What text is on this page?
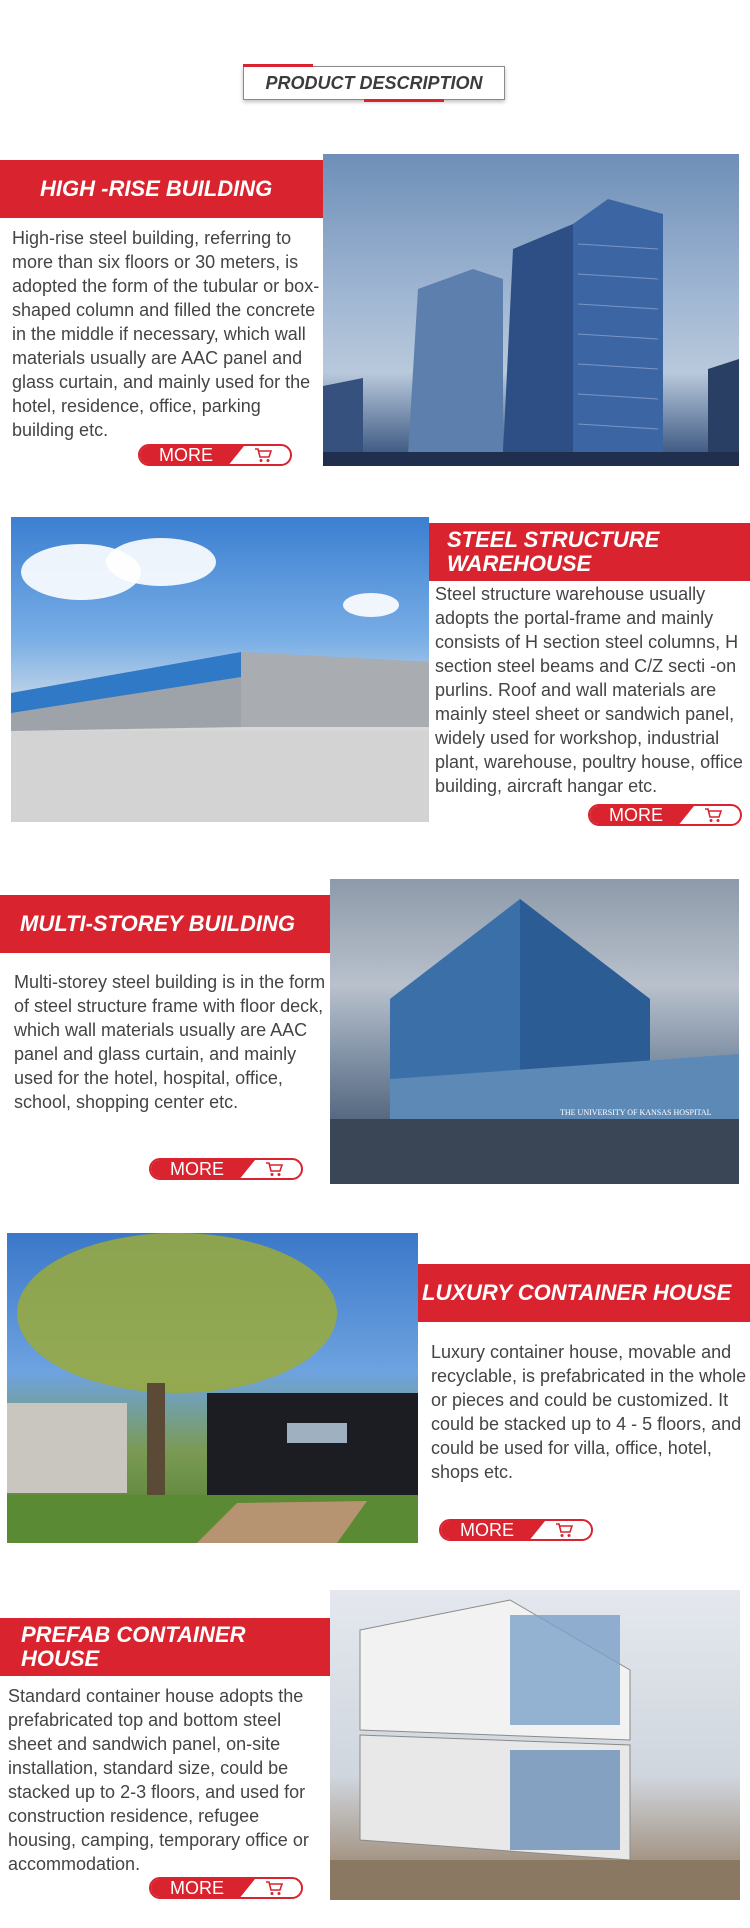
PRODUCT DESCRIPTION
HIGH -RISE BUILDING
High-rise steel building, referring to more than six floors or 30 meters, is adopted the form of the tubular or box-shaped column and filled the concrete in the middle if necessary, which wall materials usually are AAC panel and glass curtain, and mainly used for the hotel, residence, office, parking building etc.
MORE
STEEL STRUCTURE
WAREHOUSE
Steel structure warehouse usually adopts the portal-frame and mainly consists of H section steel columns, H section steel beams and C/Z secti -on purlins. Roof and wall materials are mainly steel sheet or sandwich panel, widely used for workshop, industrial plant, warehouse, poultry house, office building, aircraft hangar etc.
MORE
MULTI-STOREY BUILDING
Multi-storey steel building is in the form of steel structure frame with floor deck, which wall materials usually are AAC panel and glass curtain, and mainly used for the hotel, hospital, office, school, shopping center etc.
MORE
THE UNIVERSITY OF KANSAS HOSPITAL
LUXURY CONTAINER HOUSE
Luxury container house, movable and recyclable, is prefabricated in the whole or pieces and could be customized. It could be stacked up to 4 - 5 floors, and could be used for villa, office, hotel, shops etc.
MORE
PREFAB CONTAINER
HOUSE
Standard container house adopts the prefabricated top and bottom steel sheet and sandwich panel, on-site installation, standard size, could be stacked up to 2-3 floors, and used for construction residence, refugee housing, camping, temporary office or accommodation.
MORE
